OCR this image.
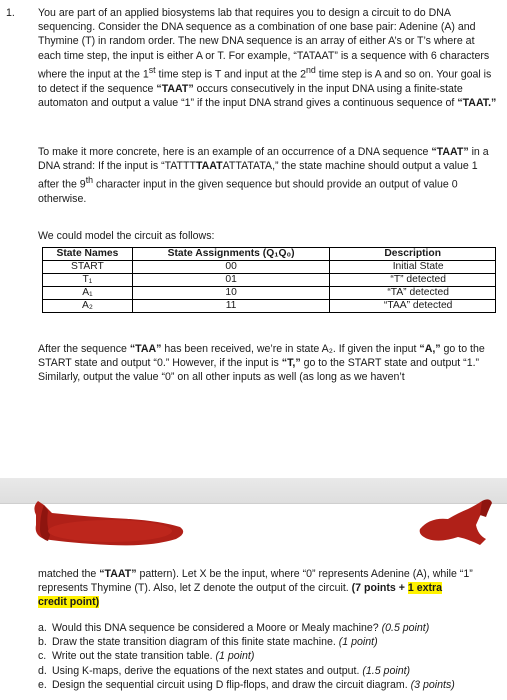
1. You are part of an applied biosystems lab that requires you to design a circuit to do DNA sequencing. Consider the DNA sequence as a combination of one base pair: Adenine (A) and Thymine (T) in random order. The new DNA sequence is an array of either A’s or T’s where at each time step, the input is either A or T. For example, “TATAAT” is a sequence with 6 characters where the input at the 1st time step is T and input at the 2nd time step is A and so on. Your goal is to detect if the sequence “TAAT” occurs consecutively in the input DNA using a finite-state automaton and output a value “1” if the input DNA strand gives a continuous sequence of “TAAT.”

To make it more concrete, here is an example of an occurrence of a DNA sequence “TAAT” in a DNA strand: If the input is “TATTTTAATATTATATA,” the state machine should output a value 1 after the 9th character input in the given sequence but should provide an output of value 0 otherwise.

We could model the circuit as follows:

State Names	State Assignments (Q₁Q₀)	Description
START	00	Initial State
T₁	01	“T” detected
A₁	10	“TA” detected
A₂	11	“TAA” detected

After the sequence “TAA” has been received, we’re in state A₂. If given the input “A,” go to the START state and output “0.” However, if the input is “T,” go to the START state and output “1.” Similarly, output the value “0” on all other inputs as well (as long as we haven’t

matched the “TAAT” pattern). Let X be the input, where “0” represents Adenine (A), while “1” represents Thymine (T). Also, let Z denote the output of the circuit. (7 points + 1 extra
credit point)

a. Would this DNA sequence be considered a Moore or Mealy machine? (0.5 point)
b. Draw the state transition diagram of this finite state machine. (1 point)
c. Write out the state transition table. (1 point)
d. Using K-maps, derive the equations of the next states and output. (1.5 point)
e. Design the sequential circuit using D flip-flops, and draw the circuit diagram. (3 points)
